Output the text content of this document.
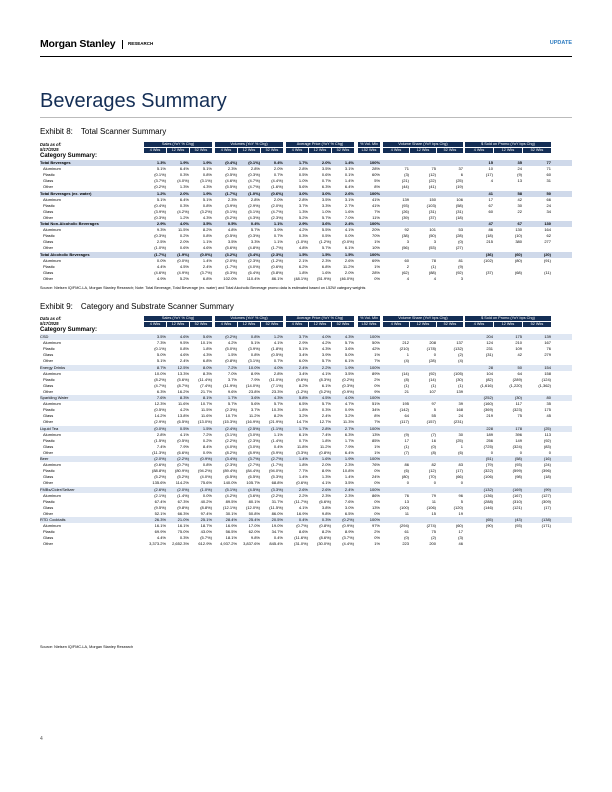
Morgan Stanley	RESEARCH	UPDATE
Beverages Summary
Exhibit 8: Total Scanner Summary
Data as of:
5/17/2025
Sales (YoY % Chg)	Volumes (YoY % Chg)	Average Price (YoY % Chg)	% Vol. Mix	Volume Share (YoY bps Chg)	$ Sold on Promo (YoY bps Chg)
4 Wks	12 Wks	52 Wks	4 Wks	12 Wks	52 Wks	4 Wks	12 Wks	52 Wks	L52 Wks	4 Wks	12 Wks	52 Wks	4 Wks	12 Wks	52 Wks
Category Summary:
Total Beverages	1.3%	1.9%	1.9%	(0.4%)	(0.1%)	0.4%	1.7%	2.0%	1.4%	100%	15	35	77
Aluminum	5.1%	6.4%	5.1%	2.3%	2.8%	2.0%	2.8%	3.5%	3.1%	28%	71	75	37	10	24	71
Plastic	(0.1%)	0.3%	0.8%	(0.5%)	(0.3%)	0.7%	0.5%	0.6%	0.1%	60%	(3)	(12)	6	(17)	(9)	60
Glass	(3.7%)	(4.0%)	(3.1%)	(4.6%)	(4.7%)	(4.4%)	1.0%	0.7%	1.4%	5%	(21)	(22)	(25)	4	13	31
Other	(0.2%)	1.3%	4.3%	(5.5%)	(4.7%)	(1.6%)	5.6%	6.3%	6.4%	8%	(44)	(41)	(19)
Total Beverages (ex. water)	1.2%	2.0%	1.9%	(1.7%)	(1.0%)	(0.6%)	3.0%	3.0%	2.6%	100%	41	58	50
Aluminum	5.1%	6.4%	5.1%	2.3%	2.8%	2.0%	2.8%	3.5%	3.1%	41%	139	150	106	17	42	66
Plastic	(0.4%)	0.3%	0.8%	(3.9%)	(2.9%)	(2.0%)	3.7%	3.3%	2.7%	41%	(93)	(103)	(58)	67	30	24
Glass	(3.9%)	(4.2%)	(3.2%)	(5.1%)	(5.1%)	(4.7%)	1.3%	1.0%	1.6%	7%	(26)	(31)	(31)	60	22	34
Other	(0.3%)	1.2%	4.3%	(5.2%)	(4.3%)	(2.3%)	5.2%	5.7%	7.0%	11%	(39)	(37)	(18)
Total Non-Alcoholic Beverages	2.9%	4.0%	3.5%	0.5%	0.4%	1.1%	2.9%	3.6%	2.4%	100%	47	67	130
Aluminum	9.3%	11.5%	8.2%	4.8%	5.7%	3.9%	4.2%	5.5%	4.1%	20%	92	101	53	86	130	164
Plastic	(0.3%)	0.2%	0.8%	(0.5%)	(0.3%)	0.7%	0.3%	0.5%	0.0%	70%	(38)	(50)	(28)	(18)	(10)	62
Glass	2.5%	2.0%	1.1%	3.5%	3.3%	1.1%	(1.0%)	(1.2%)	(0.0%)	1%	3	3	(0)	215	380	277
Other	(1.0%)	0.6%	4.6%	(5.6%)	(4.8%)	(1.7%)	4.8%	5.7%	6.1%	10%	(56)	(53)	(27)
Total Alcoholic Beverages	(1.7%)	(1.9%)	(0.0%)	(3.2%)	(3.4%)	(2.3%)	1.5%	1.5%	1.5%	100%	(36)	(60)	(20)
Aluminum	0.0%	(0.0%)	1.4%	(2.0%)	(2.3%)	(1.2%)	2.1%	2.3%	2.6%	69%	60	78	81	(102)	(80)	(91)
Plastic	4.4%	4.5%	2.4%	(1.7%)	(4.0%)	(0.6%)	6.2%	6.8%	11.2%	1%	2	(1)	(9)
Glass	(4.6%)	(4.9%)	(3.7%)	(6.3%)	(6.4%)	(5.8%)	1.8%	1.6%	2.0%	28%	(62)	(88)	(92)	(37)	(68)	(11)
Other	4.9%	5.2%	6.8%	102.0%	110.4%	86.1%	(48.1%)	(51.9%)	(46.0%)	0%	4	4	3
Source: Nielsen IQ/FMC-LA, Morgan Stanley Research; Note: Total Beverage, Total Beverage (ex. water) and Total Alcoholic Beverage promo data is estimated based on L52W category weights
Exhibit 9: Category and Substrate Scanner Summary
Data as of:
5/17/2025
Sales (YoY % Chg)	Volumes (YoY % Chg)	Average Price (YoY % Chg)	% Vol. Mix	Volume Share (YoY bps Chg)	$ Sold on Promo (YoY bps Chg)
4 Wks	12 Wks	52 Wks	4 Wks	12 Wks	52 Wks	4 Wks	12 Wks	52 Wks	L52 Wks	4 Wks	12 Wks	52 Wks	4 Wks	12 Wks	52 Wks
Category Summary:
CSD	3.5%	4.6%	5.6%	(0.2%)	0.8%	1.2%	3.7%	4.0%	4.3%	100%	204	175	139
Aluminum	7.3%	9.5%	10.1%	4.2%	5.1%	4.1%	2.9%	4.2%	5.7%	50%	212	208	137	124	210	167
Plastic	(0.1%)	0.8%	1.8%	(5.0%)	(3.9%)	(1.8%)	5.1%	4.3%	3.6%	42%	(210)	(178)	(132)	231	109	76
Glass	5.0%	4.6%	4.3%	1.5%	0.8%	(0.5%)	3.4%	3.9%	5.0%	1%	1	0	(2)	(31)	42	279
Other	5.1%	2.4%	6.8%	(0.8%)	(3.1%)	0.7%	6.0%	5.7%	6.1%	7%	(4)	(28)	(4)
Energy Drinks	8.7%	12.5%	8.0%	7.2%	10.0%	4.0%	2.4%	2.2%	1.9%	100%	28	50	154
Aluminum	10.0%	13.3%	8.3%	7.0%	8.9%	2.8%	3.4%	4.1%	3.5%	89%	(14)	(92)	(105)	104	64	158
Plastic	(8.2%)	(5.6%)	(11.4%)	3.7%	7.9%	(11.0%)	(9.6%)	(8.3%)	(0.2%)	2%	(8)	(14)	(30)	(82)	(289)	(124)
Glass	(4.7%)	(8.7%)	(7.4%)	(11.9%)	(14.0%)	(7.1%)	8.2%	6.1%	(0.3%)	0%	(1)	(1)	(1)	(1,616)	(1,220)	(1,362)
Other	6.3%	16.2%	21.7%	9.6%	23.8%	23.3%	(1.2%)	(5.2%)	(0.9%)	9%	21	107	139
Sparkling Water	7.6%	8.3%	8.1%	1.7%	3.6%	4.3%	5.8%	4.5%	4.0%	100%	(252)	(30)	80
Aluminum	12.3%	11.6%	10.7%	5.7%	5.6%	5.7%	6.5%	5.7%	4.7%	51%	195	97	39	(160)	117	35
Plastic	(0.5%)	4.2%	11.5%	(2.3%)	3.7%	10.3%	1.8%	0.3%	0.9%	34%	(142)	5	168	(369)	(323)	175
Glass	14.2%	13.8%	11.6%	10.7%	11.2%	8.2%	3.2%	2.4%	3.2%	8%	64	55	24	219	75	45
Other	(2.9%)	(6.5%)	(13.0%)	(15.3%)	(16.9%)	(21.9%)	14.7%	12.7%	11.3%	7%	(117)	(157)	(231)
Liquid Tea	(0.0%)	0.5%	1.5%	(2.4%)	(2.5%)	(1.1%)	1.7%	2.8%	2.7%	100%	228	178	(25)
Aluminum	2.8%	4.1%	7.2%	(3.1%)	(3.0%)	1.1%	6.1%	7.4%	6.3%	13%	(9)	(7)	30	189	396	113
Plastic	(1.5%)	(0.5%)	0.2%	(2.2%)	(2.3%)	(1.4%)	0.7%	1.8%	1.7%	85%	17	16	(25)	256	149	(92)
Glass	7.4%	7.9%	8.4%	(4.0%)	(3.0%)	0.4%	11.8%	11.2%	7.9%	1%	(1)	(0)	1	(725)	(324)	(83)
Other	(11.3%)	(6.6%)	0.9%	(8.2%)	(8.9%)	(5.9%)	(3.3%)	(0.8%)	6.4%	1%	(7)	(8)	(6)	0	0	0
Beer	(2.0%)	(2.2%)	(0.9%)	(3.4%)	(3.7%)	(2.7%)	1.4%	1.6%	1.9%	100%	(51)	(58)	(16)
Aluminum	(0.6%)	(0.7%)	0.8%	(2.3%)	(2.7%)	(1.7%)	1.8%	2.0%	2.3%	76%	86	82	83	(79)	(93)	(24)
Plastic	(88.8%)	(80.9%)	(94.2%)	(89.4%)	(84.4%)	(94.0%)	7.7%	8.9%	10.8%	0%	(6)	(12)	(17)	(322)	(599)	(396)
Glass	(5.2%)	(5.2%)	(4.0%)	(6.5%)	(6.5%)	(5.3%)	1.4%	1.3%	1.4%	24%	(80)	(70)	(66)	(106)	(98)	(18)
Other	135.6%	114.2%	75.6%	140.0%	105.7%	68.8%	(0.6%)	4.1%	3.5%	0%	0	0	0
FMBs/Cider/Seltzer	(2.6%)	(2.0%)	(1.0%)	(5.1%)	(4.5%)	(3.3%)	2.6%	2.6%	2.4%	100%	(132)	(169)	(99)
Aluminum	(2.1%)	(1.4%)	0.0%	(4.2%)	(3.6%)	(2.2%)	2.2%	2.3%	2.3%	86%	76	79	96	(136)	(167)	(127)
Plastic	67.4%	67.3%	40.2%	89.5%	80.1%	31.7%	(11.7%)	(6.6%)	7.6%	0%	13	11	5	(288)	(310)	(309)
Glass	(9.5%)	(9.8%)	(8.8%)	(12.1%)	(12.0%)	(11.5%)	4.1%	3.8%	3.0%	13%	(100)	(106)	(120)	(146)	(121)	(17)
Other	52.1%	66.3%	97.4%	30.1%	50.8%	86.0%	16.9%	9.8%	6.5%	0%	11	15	19
RTD Cocktails	26.3%	21.0%	25.1%	28.4%	25.4%	20.5%	0.4%	0.3%	(0.2%)	100%	(65)	(43)	(138)
Aluminum	16.1%	16.1%	18.7%	16.9%	17.0%	19.0%	(0.7%)	(0.8%)	(0.9%)	97%	(294)	(274)	(60)	(90)	(93)	(171)
Plastic	69.9%	75.0%	43.0%	56.5%	62.0%	34.7%	8.6%	8.2%	8.9%	2%	61	75	17
Glass	4.4%	0.3%	(5.7%)	18.1%	9.8%	0.4%	(11.6%)	(8.6%)	(3.7%)	0%	(0)	(2)	(3)
Other	3,373.2%	2,652.3%	612.9%	4,937.2%	3,837.6%	845.4%	(31.0%)	(30.0%)	(4.4%)	1%	223	200	46
Source: Nielsen IQ/FMC-LA, Morgan Stanley Research
4
